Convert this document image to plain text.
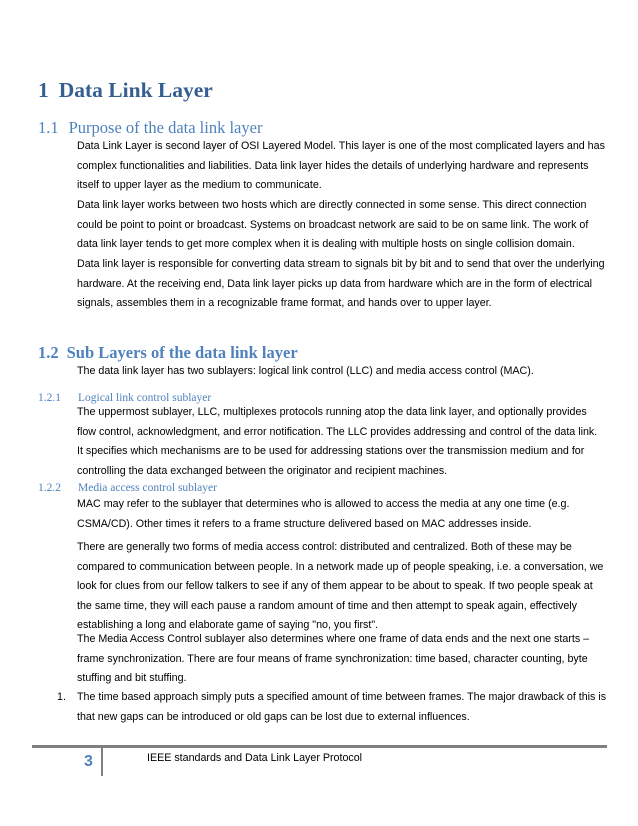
1 Data Link Layer
1.1 Purpose of the data link layer

Data Link Layer is second layer of OSI Layered Model. This layer is one of the most complicated layers and has
complex functionalities and liabilities. Data link layer hides the details of underlying hardware and represents
itself to upper layer as the medium to communicate.

Data link layer works between two hosts which are directly connected in some sense. This direct connection
could be point to point or broadcast. Systems on broadcast network are said to be on same link. The work of
data link layer tends to get more complex when it is dealing with multiple hosts on single collision domain.

Data link layer is responsible for converting data stream to signals bit by bit and to send that over the underlying
hardware. At the receiving end, Data link layer picks up data from hardware which are in the form of electrical
signals, assembles them in a recognizable frame format, and hands over to upper layer.

1.2 Sub Layers of the data link layer

The data link layer has two sublayers: logical link control (LLC) and media access control (MAC).

1.2.1 Logical link control sublayer

The uppermost sublayer, LLC, multiplexes protocols running atop the data link layer, and optionally provides
flow control, acknowledgment, and error notification. The LLC provides addressing and control of the data link.
It specifies which mechanisms are to be used for addressing stations over the transmission medium and for
controlling the data exchanged between the originator and recipient machines.

1.2.2 Media access control sublayer

MAC may refer to the sublayer that determines who is allowed to access the media at any one time (e.g.
CSMA/CD). Other times it refers to a frame structure delivered based on MAC addresses inside.

There are generally two forms of media access control: distributed and centralized. Both of these may be
compared to communication between people. In a network made up of people speaking, i.e. a conversation, we
look for clues from our fellow talkers to see if any of them appear to be about to speak. If two people speak at
the same time, they will each pause a random amount of time and then attempt to speak again, effectively
establishing a long and elaborate game of saying "no, you first".

The Media Access Control sublayer also determines where one frame of data ends and the next one starts –
frame synchronization. There are four means of frame synchronization: time based, character counting, byte
stuffing and bit stuffing.

1. The time based approach simply puts a specified amount of time between frames. The major drawback of this is
that new gaps can be introduced or old gaps can be lost due to external influences.

3	IEEE standards and Data Link Layer Protocol
